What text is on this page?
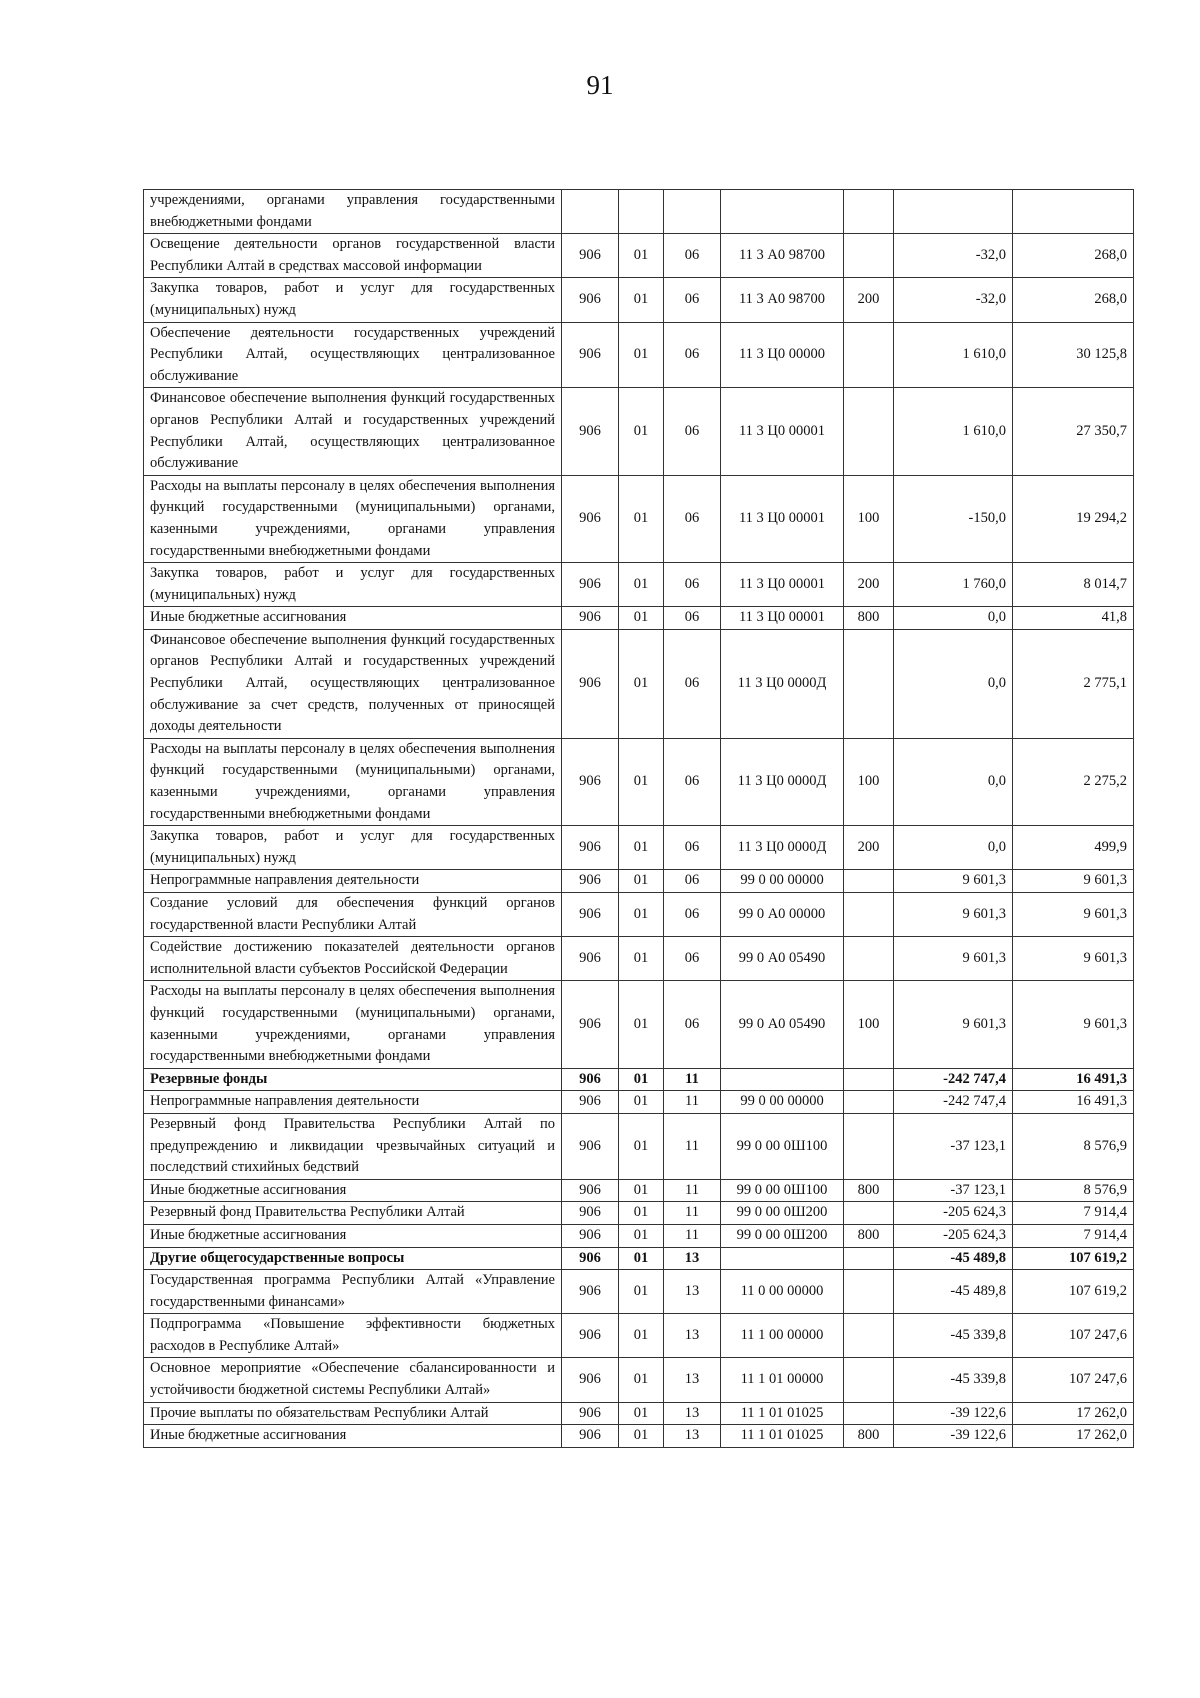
91
учреждениями, органами управления государственными внебюджетными фондами							
Освещение деятельности органов государственной власти Республики Алтай в средствах массовой информации	906	01	06	11 3 А0 98700		-32,0	268,0
Закупка товаров, работ и услуг для государственных (муниципальных) нужд	906	01	06	11 3 А0 98700	200	-32,0	268,0
Обеспечение деятельности государственных учреждений Республики Алтай, осуществляющих централизованное обслуживание	906	01	06	11 3 Ц0 00000		1 610,0	30 125,8
Финансовое обеспечение выполнения функций государственных органов Республики Алтай и государственных учреждений Республики Алтай, осуществляющих централизованное обслуживание	906	01	06	11 3 Ц0 00001		1 610,0	27 350,7
Расходы на выплаты персоналу в целях обеспечения выполнения функций государственными (муниципальными) органами, казенными учреждениями, органами управления государственными внебюджетными фондами	906	01	06	11 3 Ц0 00001	100	-150,0	19 294,2
Закупка товаров, работ и услуг для государственных (муниципальных) нужд	906	01	06	11 3 Ц0 00001	200	1 760,0	8 014,7
Иные бюджетные ассигнования	906	01	06	11 3 Ц0 00001	800	0,0	41,8
Финансовое обеспечение выполнения функций государственных органов Республики Алтай и государственных учреждений Республики Алтай, осуществляющих централизованное обслуживание за счет средств, полученных от приносящей доходы деятельности	906	01	06	11 3 Ц0 0000Д		0,0	2 775,1
Расходы на выплаты персоналу в целях обеспечения выполнения функций государственными (муниципальными) органами, казенными учреждениями, органами управления государственными внебюджетными фондами	906	01	06	11 3 Ц0 0000Д	100	0,0	2 275,2
Закупка товаров, работ и услуг для государственных (муниципальных) нужд	906	01	06	11 3 Ц0 0000Д	200	0,0	499,9
Непрограммные направления деятельности	906	01	06	99 0 00 00000		9 601,3	9 601,3
Создание условий для обеспечения функций органов государственной власти Республики Алтай	906	01	06	99 0 А0 00000		9 601,3	9 601,3
Содействие достижению показателей деятельности органов исполнительной власти субъектов Российской Федерации	906	01	06	99 0 А0 05490		9 601,3	9 601,3
Расходы на выплаты персоналу в целях обеспечения выполнения функций государственными (муниципальными) органами, казенными учреждениями, органами управления государственными внебюджетными фондами	906	01	06	99 0 А0 05490	100	9 601,3	9 601,3
Резервные фонды	906	01	11			-242 747,4	16 491,3
Непрограммные направления деятельности	906	01	11	99 0 00 00000		-242 747,4	16 491,3
Резервный фонд Правительства Республики Алтай по предупреждению и ликвидации чрезвычайных ситуаций и последствий стихийных бедствий	906	01	11	99 0 00 0Ш100		-37 123,1	8 576,9
Иные бюджетные ассигнования	906	01	11	99 0 00 0Ш100	800	-37 123,1	8 576,9
Резервный фонд Правительства Республики Алтай	906	01	11	99 0 00 0Ш200		-205 624,3	7 914,4
Иные бюджетные ассигнования	906	01	11	99 0 00 0Ш200	800	-205 624,3	7 914,4
Другие общегосударственные вопросы	906	01	13			-45 489,8	107 619,2
Государственная программа Республики Алтай «Управление государственными финансами»	906	01	13	11 0 00 00000		-45 489,8	107 619,2
Подпрограмма «Повышение эффективности бюджетных расходов в Республике Алтай»	906	01	13	11 1 00 00000		-45 339,8	107 247,6
Основное мероприятие «Обеспечение сбалансированности и устойчивости бюджетной системы Республики Алтай»	906	01	13	11 1 01 00000		-45 339,8	107 247,6
Прочие выплаты по обязательствам Республики Алтай	906	01	13	11 1 01 01025		-39 122,6	17 262,0
Иные бюджетные ассигнования	906	01	13	11 1 01 01025	800	-39 122,6	17 262,0
